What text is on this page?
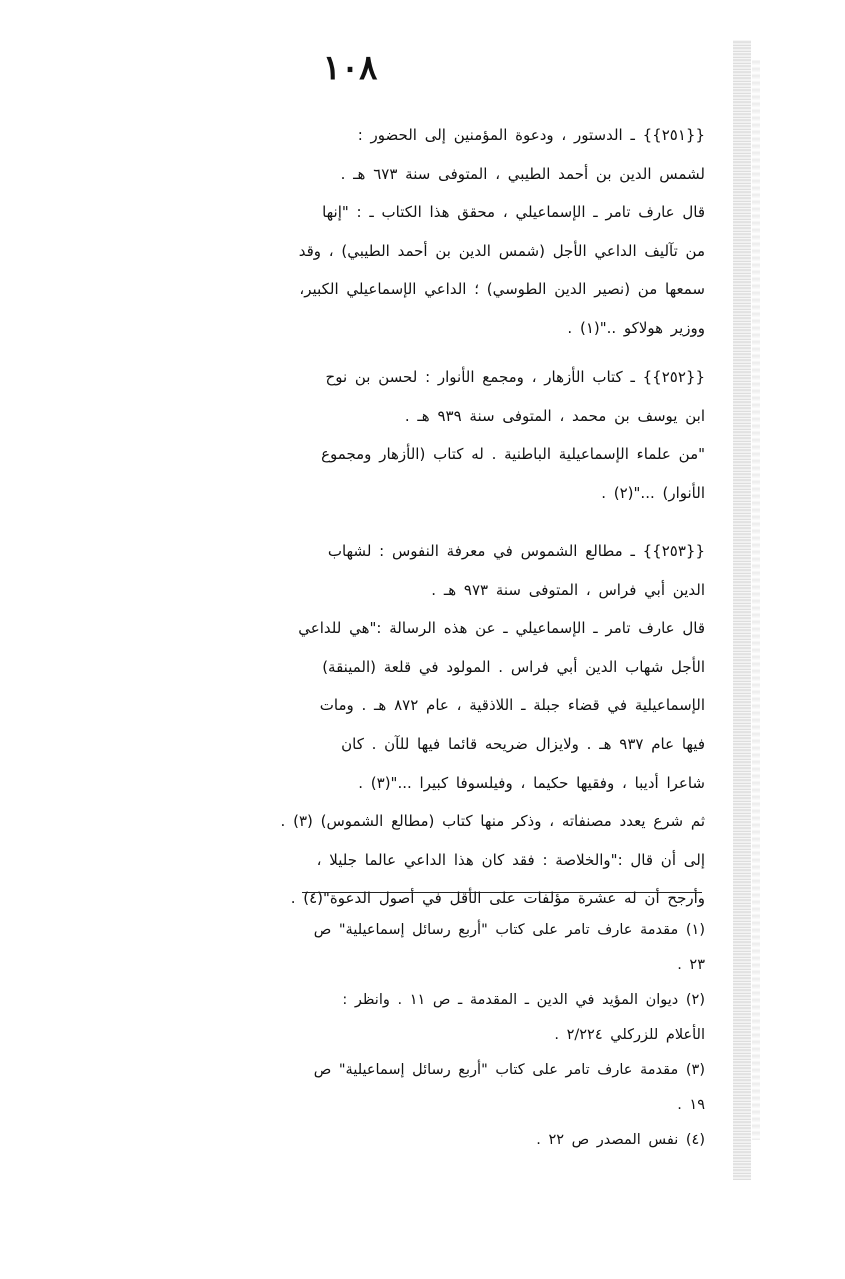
١٠٨
{{٢٥١}} ـ الدستور ، ودعوة المؤمنين إلى الحضور :
لشمس الدين بن أحمد الطيبي ، المتوفى سنة ٦٧٣ هـ .
قال عارف تامر ـ الإسماعيلي ، محقق هذا الكتاب ـ : "إنها
من تآليف الداعي الأجل (شمس الدين بن أحمد الطيبي) ، وقد
سمعها من (نصير الدين الطوسي) ؛ الداعي الإسماعيلي الكبير،
ووزير هولاكو .."(١) .
{{٢٥٢}} ـ كتاب الأزهار ، ومجمع الأنوار : لحسن بن نوح
ابن يوسف بن محمد ، المتوفى سنة ٩٣٩ هـ .
"من علماء الإسماعيلية الباطنية . له كتاب (الأزهار ومجموع
الأنوار) ..."(٢) .
{{٢٥٣}} ـ مطالع الشموس في معرفة النفوس : لشهاب
الدين أبي فراس ، المتوفى سنة ٩٧٣ هـ .
قال عارف تامر ـ الإسماعيلي ـ عن هذه الرسالة :"هي للداعي
الأجل شهاب الدين أبي فراس . المولود في قلعة (المينقة)
الإسماعيلية في قضاء جبلة ـ اللاذقية ، عام ٨٧٢ هـ . ومات
فيها عام ٩٣٧ هـ . ولايزال ضريحه قائما فيها للآن . كان
شاعرا أديبا ، وفقيها حكيما ، وفيلسوفا كبيرا ..."(٣) .
ثم شرع يعدد مصنفاته ، وذكر منها كتاب (مطالع الشموس) (٣) .
إلى أن قال :"والخلاصة : فقد كان هذا الداعي عالما جليلا ،
وأرجح أن له عشرة مؤلفات على الأقل في أصول الدعوة"(٤) .
(١) مقدمة عارف تامر على كتاب "أربع رسائل إسماعيلية" ص
٢٣ .
(٢) ديوان المؤيد في الدين ـ المقدمة ـ ص ١١ . وانظر :
الأعلام للزركلي ٢/٢٢٤ .
(٣) مقدمة عارف تامر على كتاب "أربع رسائل إسماعيلية" ص
١٩ .
(٤) نفس المصدر ص ٢٢ .
